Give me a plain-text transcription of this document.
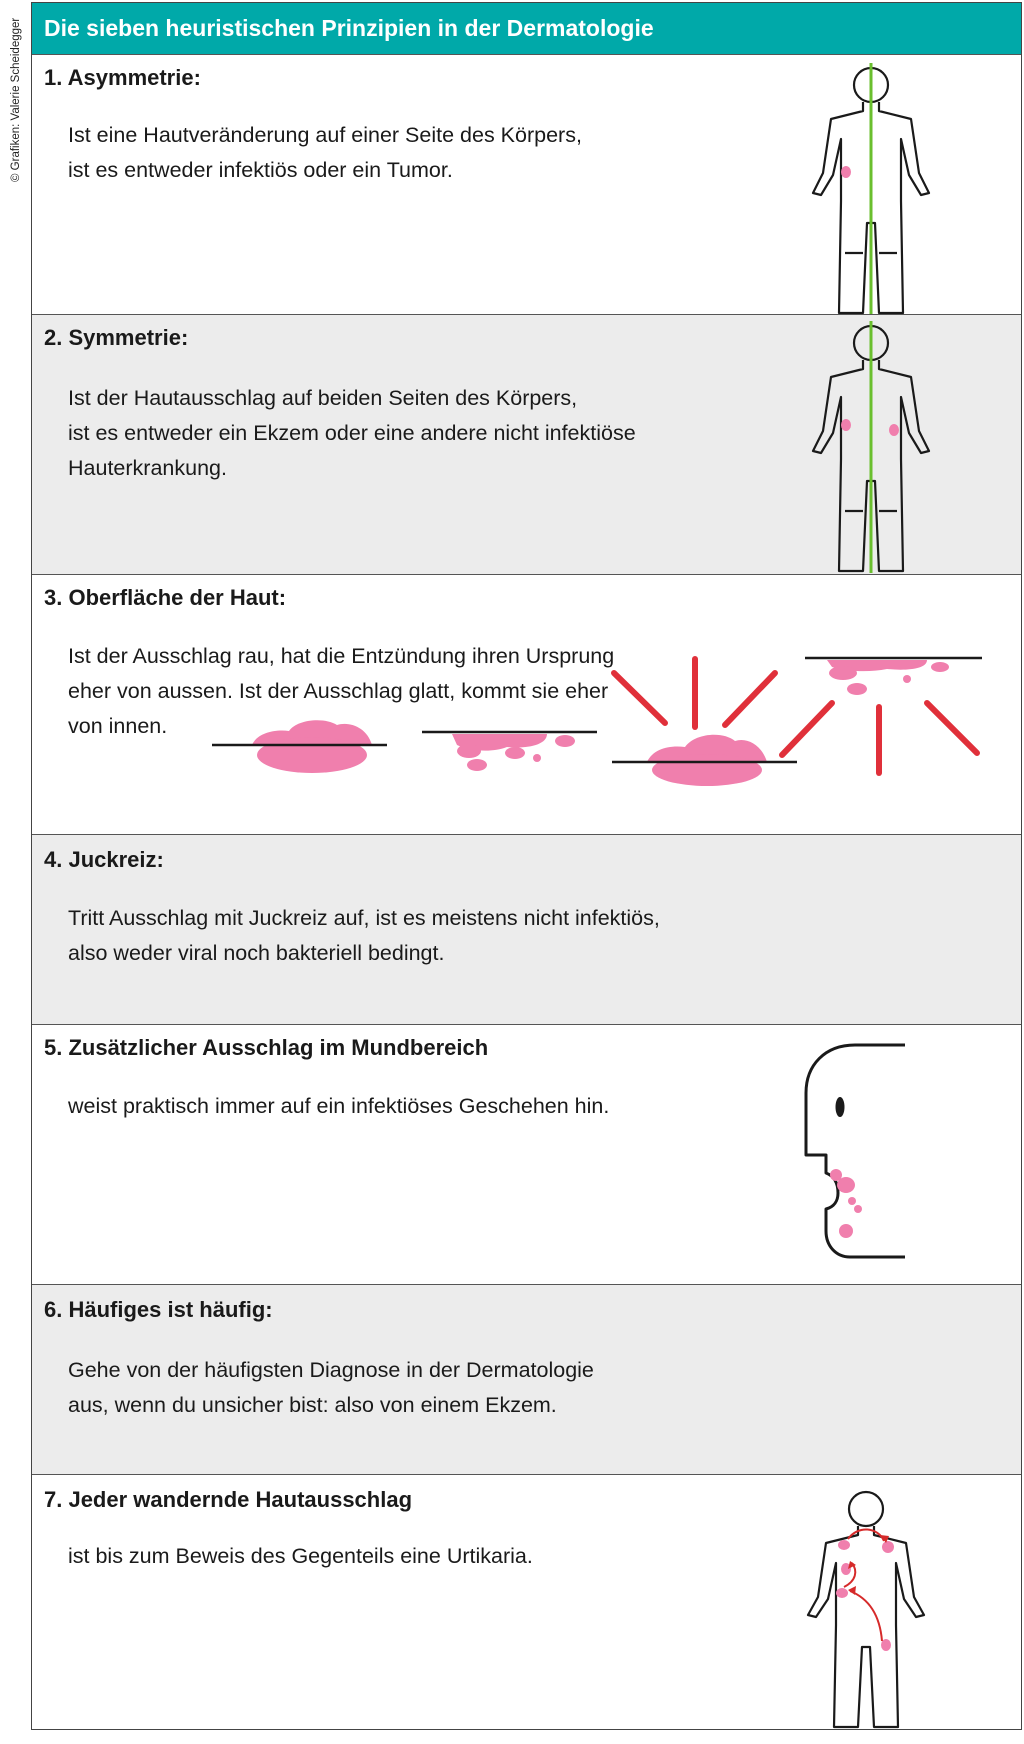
© Grafiken: Valerie Scheidegger Die sieben heuristischen Prinzipien in der Dermatologie
1. Asymmetrie:
Ist eine Hautveränderung auf einer Seite des Körpers,
ist es entweder infektiös oder ein Tumor.
2. Symmetrie:
Ist der Hautausschlag auf beiden Seiten des Körpers,
ist es entweder ein Ekzem oder eine andere nicht infektiöse
Hauterkrankung.
3. Oberfläche der Haut:
Ist der Ausschlag rau, hat die Entzündung ihren Ursprung
eher von aussen. Ist der Ausschlag glatt, kommt sie eher
von innen.
4. Juckreiz:
Tritt Ausschlag mit Juckreiz auf, ist es meistens nicht infektiös,
also weder viral noch bakteriell bedingt.
5. Zusätzlicher Ausschlag im Mundbereich
weist praktisch immer auf ein infektiöses Geschehen hin.
6. Häufiges ist häufig:
Gehe von der häufigsten Diagnose in der Dermatologie
aus, wenn du unsicher bist: also von einem Ekzem.
7. Jeder wandernde Hautausschlag
ist bis zum Beweis des Gegenteils eine Urtikaria.
